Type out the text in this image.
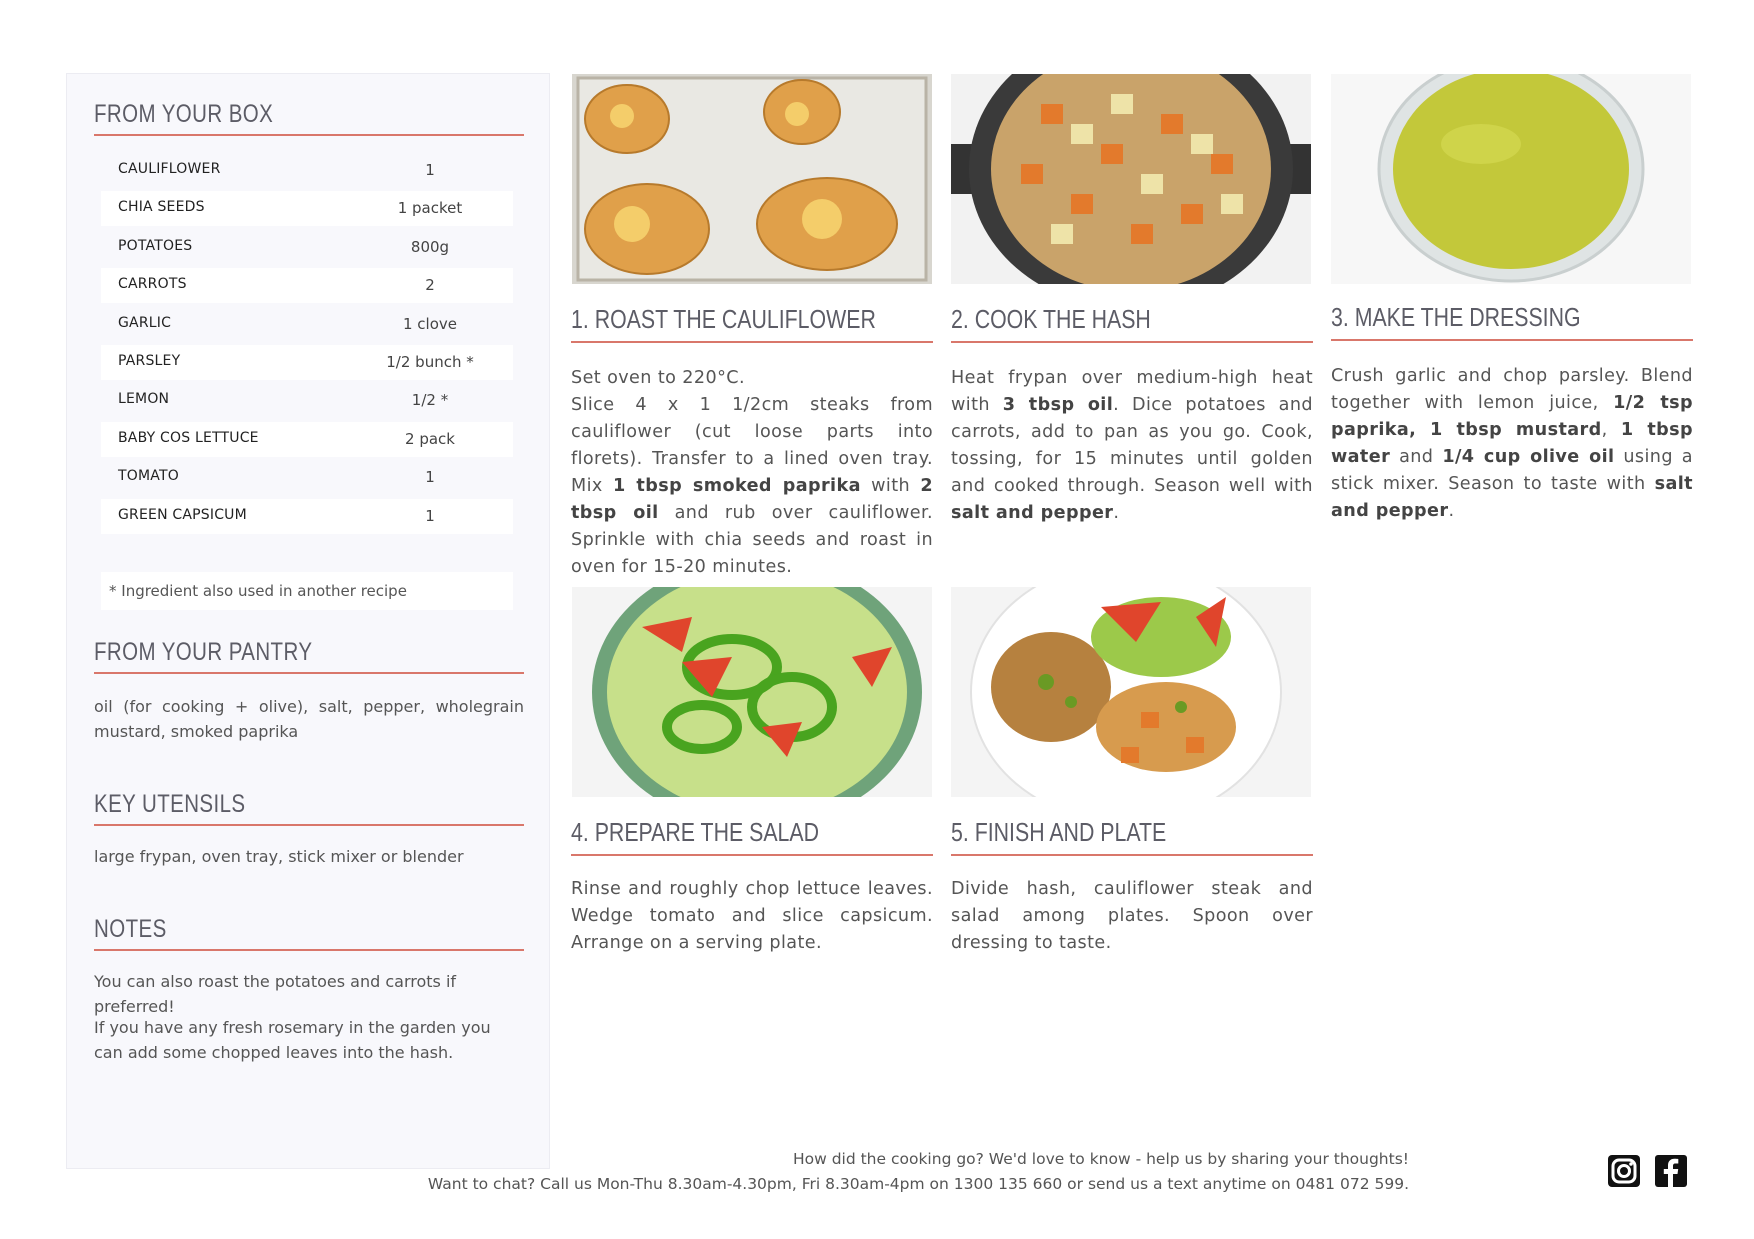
FROM YOUR BOX
CAULIFLOWER	1
CHIA SEEDS	1 packet
POTATOES	800g
CARROTS	2
GARLIC	1 clove
PARSLEY	1/2 bunch *
LEMON	1/2 *
BABY COS LETTUCE	2 pack
TOMATO	1
GREEN CAPSICUM	1
* Ingredient also used in another recipe
FROM YOUR PANTRY
oil (for cooking + olive), salt, pepper, wholegrain mustard, smoked paprika
KEY UTENSILS
large frypan, oven tray, stick mixer or blender
NOTES
You can also roast the potatoes and carrots if preferred!
If you have any fresh rosemary in the garden you can add some chopped leaves into the hash.
1. ROAST THE CAULIFLOWER
Set oven to 220°C.
Slice 4 x 1 1/2cm steaks from cauliflower (cut loose parts into florets). Transfer to a lined oven tray. Mix 1 tbsp smoked paprika with 2 tbsp oil and rub over cauliflower. Sprinkle with chia seeds and roast in oven for 15-20 minutes.
2. COOK THE HASH
Heat frypan over medium-high heat with 3 tbsp oil. Dice potatoes and carrots, add to pan as you go. Cook, tossing, for 15 minutes until golden and cooked through. Season well with salt and pepper.
3. MAKE THE DRESSING
Crush garlic and chop parsley. Blend together with lemon juice, 1/2 tsp paprika, 1 tbsp mustard, 1 tbsp water and 1/4 cup olive oil using a stick mixer. Season to taste with salt and pepper.
4. PREPARE THE SALAD
Rinse and roughly chop lettuce leaves. Wedge tomato and slice capsicum. Arrange on a serving plate.
5. FINISH AND PLATE
Divide hash, cauliflower steak and salad among plates. Spoon over dressing to taste.
How did the cooking go? We'd love to know - help us by sharing your thoughts!
Want to chat? Call us Mon-Thu 8.30am-4.30pm, Fri 8.30am-4pm on 1300 135 660 or send us a text anytime on 0481 072 599.
